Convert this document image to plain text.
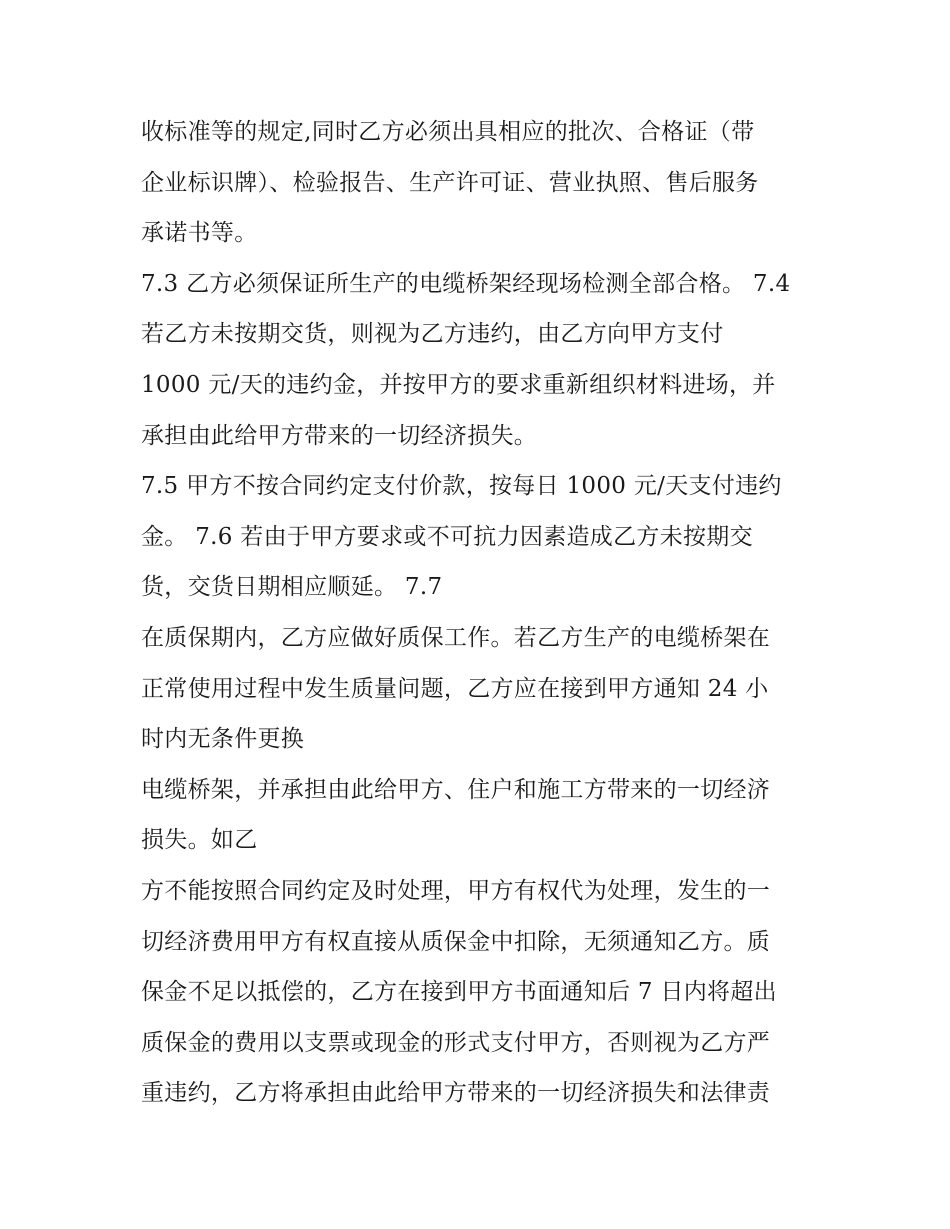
收标准等的规定,同时乙方必须出具相应的批次、合格证（带
企业标识牌）、检验报告、生产许可证、营业执照、售后服务
承诺书等。
7.3 乙方必须保证所生产的电缆桥架经现场检测全部合格。 7.4
若乙方未按期交货，则视为乙方违约，由乙方向甲方支付
1000 元/天的违约金，并按甲方的要求重新组织材料进场，并
承担由此给甲方带来的一切经济损失。
7.5 甲方不按合同约定支付价款，按每日 1000 元/天支付违约
金。 7.6 若由于甲方要求或不可抗力因素造成乙方未按期交
货，交货日期相应顺延。 7.7
在质保期内，乙方应做好质保工作。若乙方生产的电缆桥架在
正常使用过程中发生质量问题，乙方应在接到甲方通知 24 小
时内无条件更换
电缆桥架，并承担由此给甲方、住户和施工方带来的一切经济
损失。如乙
方不能按照合同约定及时处理，甲方有权代为处理，发生的一
切经济费用甲方有权直接从质保金中扣除，无须通知乙方。质
保金不足以抵偿的，乙方在接到甲方书面通知后 7 日内将超出
质保金的费用以支票或现金的形式支付甲方，否则视为乙方严
重违约，乙方将承担由此给甲方带来的一切经济损失和法律责
